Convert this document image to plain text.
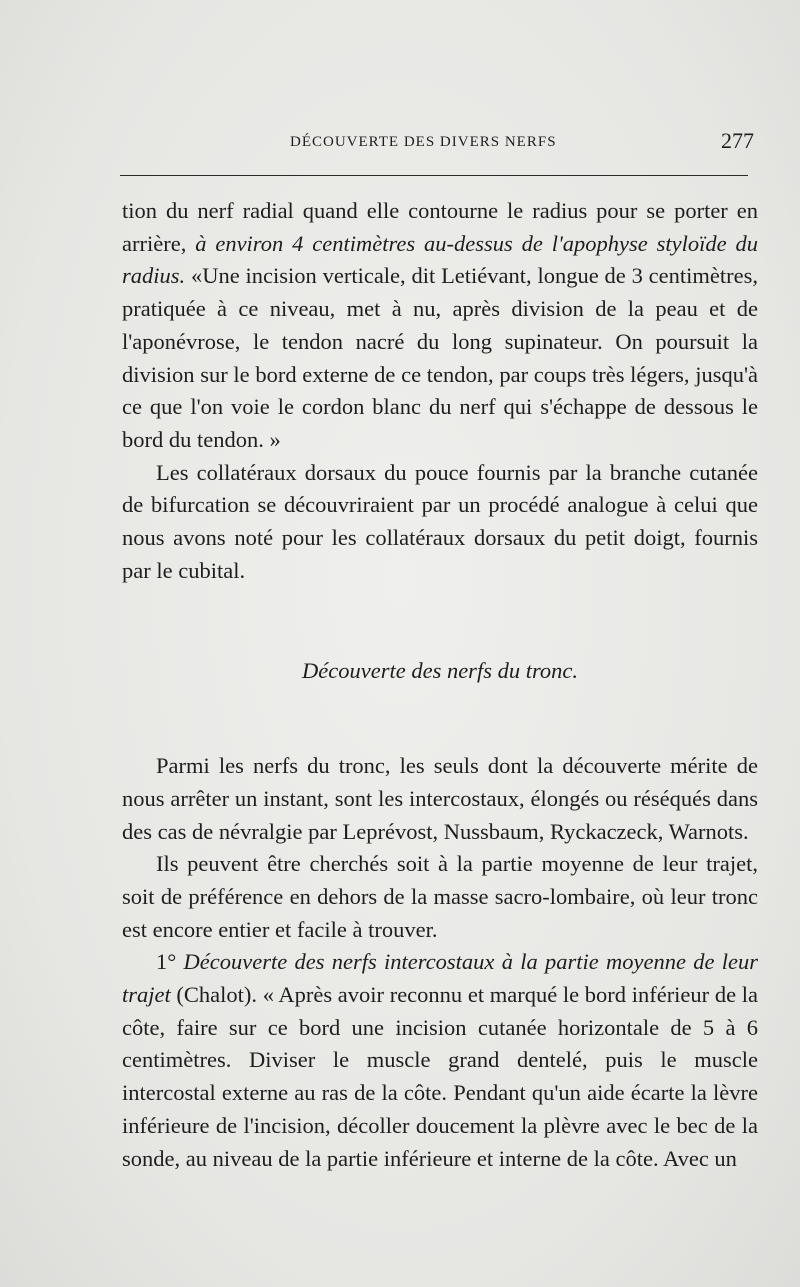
DÉCOUVERTE DES DIVERS NERFS	277

tion du nerf radial quand elle contourne le radius pour se porter en arrière, à environ 4 centimètres au-dessus de l'apophyse styloïde du radius. «Une incision verticale, dit Letiévant, longue de 3 centimètres, pratiquée à ce niveau, met à nu, après division de la peau et de l'aponévrose, le tendon nacré du long supinateur. On poursuit la division sur le bord externe de ce tendon, par coups très légers, jusqu'à ce que l'on voie le cordon blanc du nerf qui s'échappe de dessous le bord du tendon. »

Les collatéraux dorsaux du pouce fournis par la branche cutanée de bifurcation se découvriraient par un procédé analogue à celui que nous avons noté pour les collatéraux dorsaux du petit doigt, fournis par le cubital.

Découverte des nerfs du tronc.

Parmi les nerfs du tronc, les seuls dont la découverte mérite de nous arrêter un instant, sont les intercostaux, élongés ou réséqués dans des cas de névralgie par Leprévost, Nussbaum, Ryckaczeck, Warnots.

Ils peuvent être cherchés soit à la partie moyenne de leur trajet, soit de préférence en dehors de la masse sacro-lombaire, où leur tronc est encore entier et facile à trouver.

1° Découverte des nerfs intercostaux à la partie moyenne de leur trajet (Chalot). « Après avoir reconnu et marqué le bord inférieur de la côte, faire sur ce bord une incision cutanée horizontale de 5 à 6 centimètres. Diviser le muscle grand dentelé, puis le muscle intercostal externe au ras de la côte. Pendant qu'un aide écarte la lèvre inférieure de l'incision, décoller doucement la plèvre avec le bec de la sonde, au niveau de la partie inférieure et interne de la côte. Avec un
